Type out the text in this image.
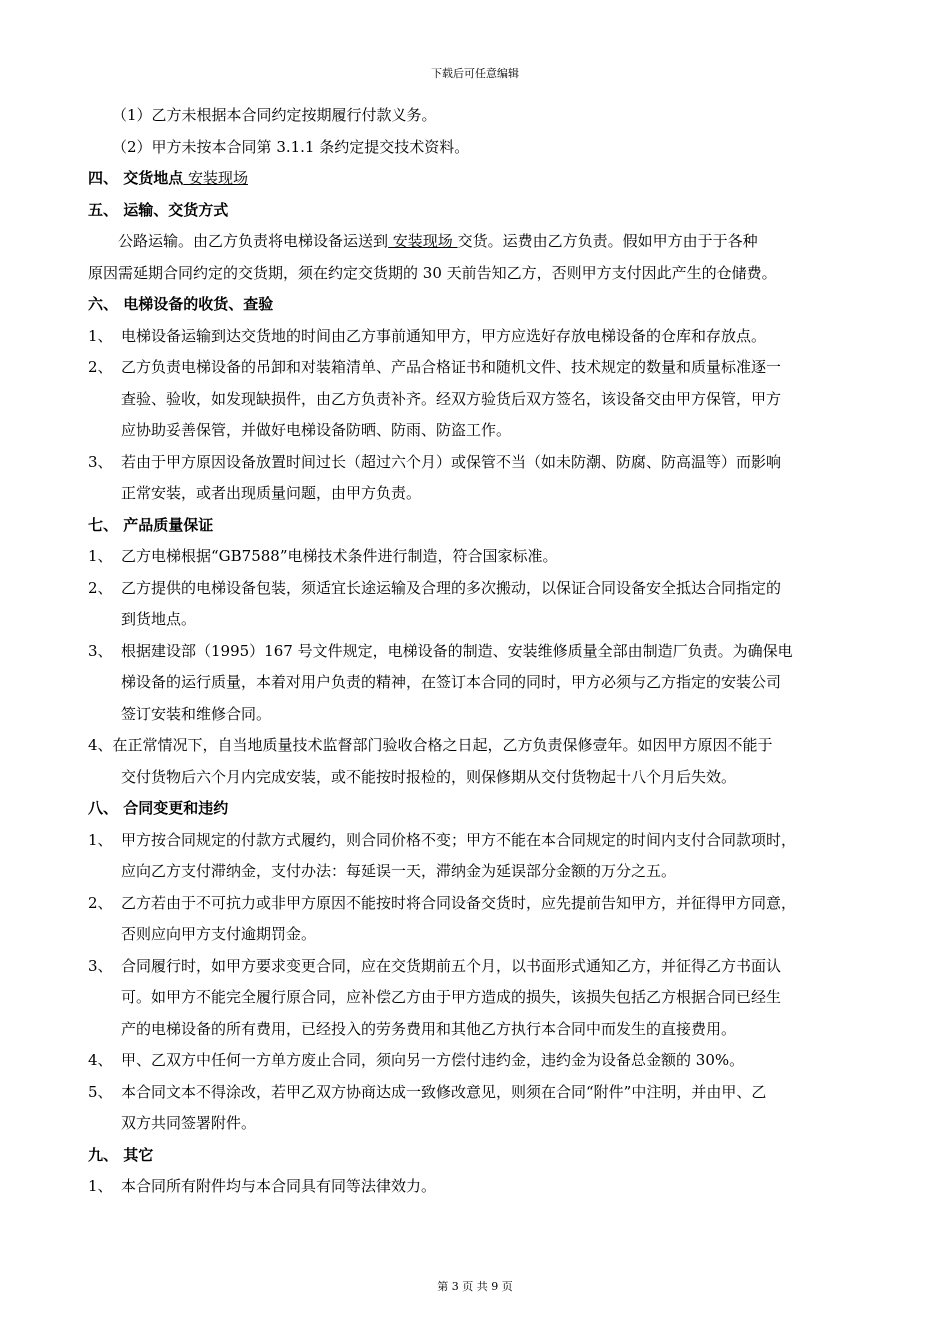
下载后可任意编辑
（1）乙方未根据本合同约定按期履行付款义务。
（2）甲方未按本合同第 3.1.1 条约定提交技术资料。
四、 交货地点 安装现场
五、 运输、交货方式
公路运输。由乙方负责将电梯设备运送到 安装现场 交货。运费由乙方负责。假如甲方由于于各种
原因需延期合同约定的交货期，须在约定交货期的 30 天前告知乙方，否则甲方支付因此产生的仓储费。
六、 电梯设备的收货、查验
1、 电梯设备运输到达交货地的时间由乙方事前通知甲方，甲方应选好存放电梯设备的仓库和存放点。
2、 乙方负责电梯设备的吊卸和对装箱清单、产品合格证书和随机文件、技术规定的数量和质量标准逐一
查验、验收，如发现缺损件，由乙方负责补齐。经双方验货后双方签名，该设备交由甲方保管，甲方
应协助妥善保管，并做好电梯设备防晒、防雨、防盗工作。
3、 若由于甲方原因设备放置时间过长（超过六个月）或保管不当（如未防潮、防腐、防高温等）而影响
正常安装，或者出现质量问题，由甲方负责。
七、 产品质量保证
1、 乙方电梯根据“GB7588”电梯技术条件进行制造，符合国家标准。
2、 乙方提供的电梯设备包装，须适宜长途运输及合理的多次搬动，以保证合同设备安全抵达合同指定的
到货地点。
3、 根据建设部（1995）167 号文件规定，电梯设备的制造、安装维修质量全部由制造厂负责。为确保电
梯设备的运行质量，本着对用户负责的精神，在签订本合同的同时，甲方必须与乙方指定的安装公司
签订安装和维修合同。
4、在正常情况下，自当地质量技术监督部门验收合格之日起，乙方负责保修壹年。如因甲方原因不能于
交付货物后六个月内完成安装，或不能按时报检的，则保修期从交付货物起十八个月后失效。
八、 合同变更和违约
1、 甲方按合同规定的付款方式履约，则合同价格不变；甲方不能在本合同规定的时间内支付合同款项时，
应向乙方支付滞纳金，支付办法：每延误一天，滞纳金为延误部分金额的万分之五。
2、 乙方若由于不可抗力或非甲方原因不能按时将合同设备交货时，应先提前告知甲方，并征得甲方同意，
否则应向甲方支付逾期罚金。
3、 合同履行时，如甲方要求变更合同，应在交货期前五个月，以书面形式通知乙方，并征得乙方书面认
可。如甲方不能完全履行原合同，应补偿乙方由于甲方造成的损失，该损失包括乙方根据合同已经生
产的电梯设备的所有费用，已经投入的劳务费用和其他乙方执行本合同中而发生的直接费用。
4、 甲、乙双方中任何一方单方废止合同，须向另一方偿付违约金，违约金为设备总金额的 30%。
5、 本合同文本不得涂改，若甲乙双方协商达成一致修改意见，则须在合同“附件”中注明，并由甲、乙
双方共同签署附件。
九、 其它
1、 本合同所有附件均与本合同具有同等法律效力。
第 3 页 共 9 页
